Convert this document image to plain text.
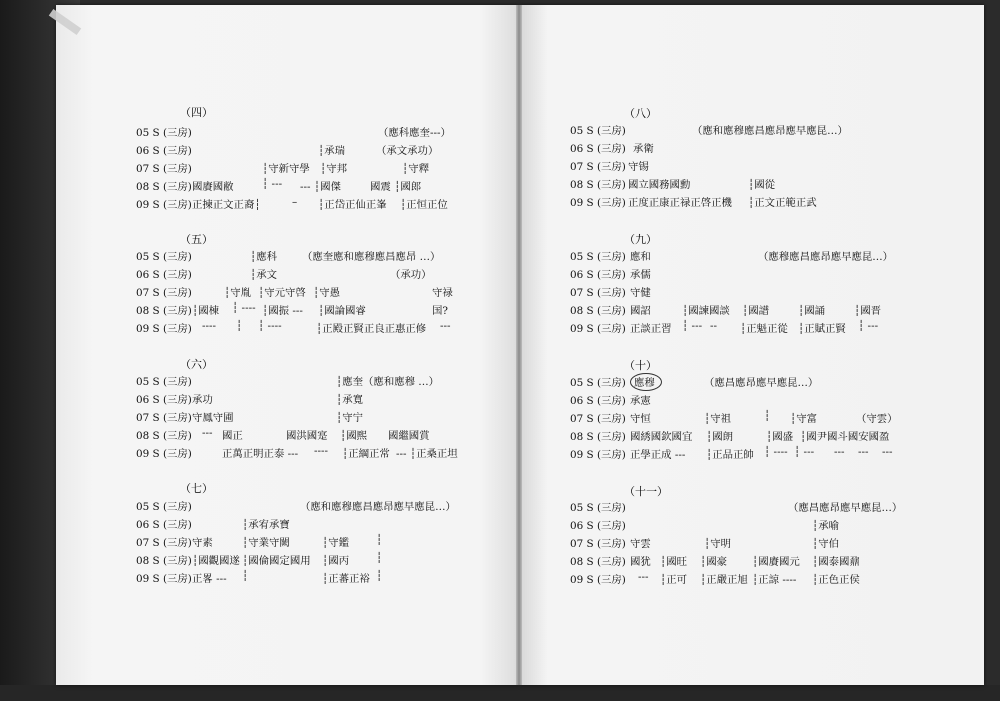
（四）
05 S (三房)	（應科應奎---）
06 S (三房)	┆承瑞	（承文承功）
07 S (三房)	┆守新守學 ┆守邦	┆守釋
08 S (三房) 國賡國敝	┆ --- --- ┆國傑	國震 ┆國郎
09 S (三房) 正揀正文正裔┆	– ┆正岱正仙正峯 ┆正恒正位
（五）
05 S (三房)	┆應科 （應奎應和應穆應昌應昂 …）
06 S (三房)	┆承文	（承功）
07 S (三房)	┆守胤 ┆守元守啓 ┆守愚	守禄
08 S (三房) ┆國棟 ┆ ---- ┆國振 --- ┆國論國睿	国?
09 S (三房) ---- ┆ ┆ ----	┆正殿正賢正良正惠正修 ---
（六）
05 S (三房)	┆應奎（應和應穆 …）
06 S (三房) 承功	┆承寬
07 S (三房) 守鳳守圃	┆守宁
08 S (三房) --- 國正	國洪國寔 ┆國熙 國繼國賞
09 S (三房)	正萬正明正泰 --- ---- ┆正綱正常 --- ┆正桑正坦
（七）
05 S (三房)	（應和應穆應昌應昂應早應昆…）
06 S (三房)	┆承宥承寶
07 S (三房) 守素	┆守業守闕	┆守鑑	┆
08 S (三房) ┆國觀國遂 ┆國倫國定國用 ┆國丙	┆
09 S (三房) 正畧 --- ┆	┆正蕃正裕 ┆
（八）
05 S (三房)	（應和應穆應昌應昂應早應昆…）
06 S (三房) 承衛
07 S (三房) 守锡
08 S (三房) 國立國務國勳	┆國從
09 S (三房) 正度正康正禄正啓正機 ┆正文正範正武
（九）
05 S (三房) 應和	（應穆應昌應昂應早應昆…）
06 S (三房) 承儒
07 S (三房) 守健
08 S (三房) 國詔	┆國諫國談 ┆國譜	┆國誦	┆國晋
09 S (三房) 正談正習 ┆ --- -- ┆正魁正從 ┆正賦正賢 ┆ ---
（十）
05 S (三房) 應穆	（應昌應昂應早應昆…）
06 S (三房) 承憲
07 S (三房) 守恒	┆守祖	┆ ┆守富	（守雲）
08 S (三房) 國綉國欽國宜 ┆國朗	┆國盛 ┆國尹國斗國安國盈
09 S (三房) 正學正成 --- ┆正品正帥 ┆ ---- ┆ --- --- --- ---
（十一）
05 S (三房)	（應昌應昂應早應昆…）
06 S (三房)	┆承喻
07 S (三房) 守雲	┆守明	┆守伯
08 S (三房) 國犹 ┆國旺 ┆國豪 ┆國賡國元 ┆國泰國鼐
09 S (三房) --- ┆正可 ┆正嚴正旭 ┆正諒 ---- ┆正色正侯
